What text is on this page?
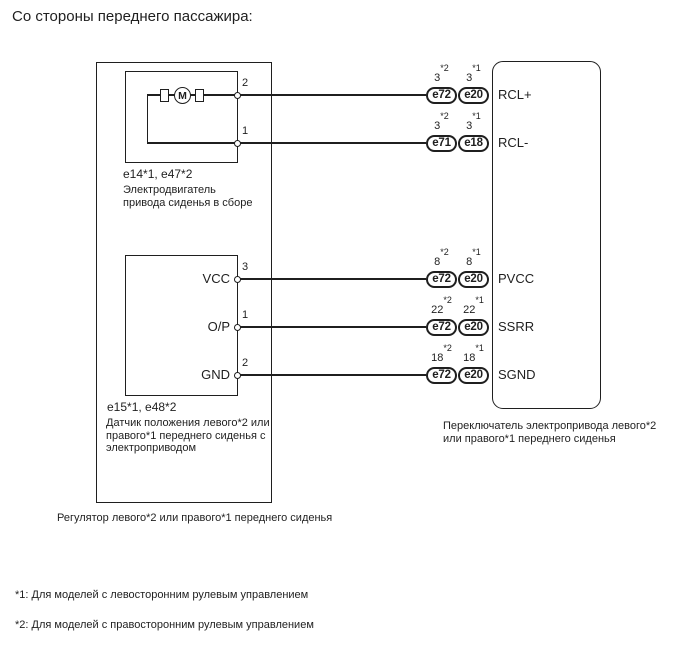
Со стороны переднего пассажира:
M
e14*1, e47*2
Электродвигатель
привода сиденья в сборе
VCC
O/P
GND
e15*1, e48*2
Датчик положения левого*2 или
правого*1 переднего сиденья с
электроприводом
Регулятор левого*2 или правого*1 переднего сиденья
2
1
3
1
2
3
*2
3
*1
e72	e20	RCL+
3
*2
3
*1
e71	e18	RCL-
8
*2
8
*1
e72	e20	PVCC
22
*2
22
*1
e72	e20	SSRR
18
*2
18
*1
e72	e20	SGND
Переключатель электропривода левого*2
или правого*1 переднего сиденья
*1: Для моделей с левосторонним рулевым управлением
*2: Для моделей с правосторонним рулевым управлением
